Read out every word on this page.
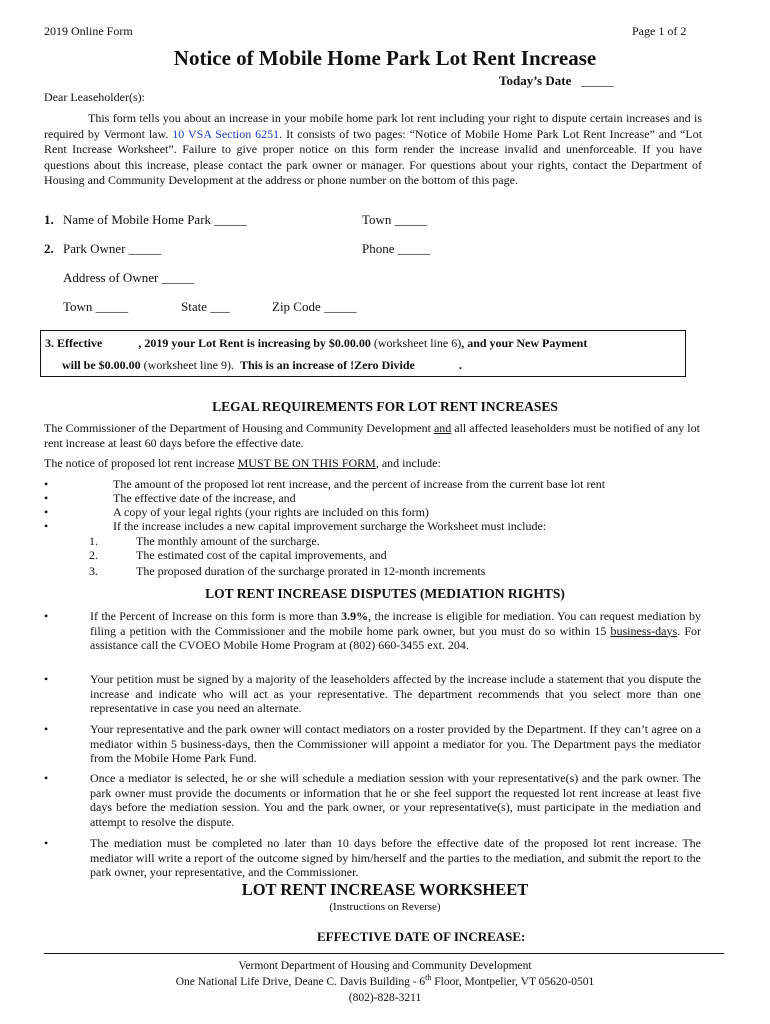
2019 Online Form	Page 1 of 2
Notice of Mobile Home Park Lot Rent Increase
Today’s Date _____
Dear Leaseholder(s):
This form tells you about an increase in your mobile home park lot rent including your right to dispute certain increases and is required by Vermont law. 10 VSA Section 6251. It consists of two pages: “Notice of Mobile Home Park Lot Rent Increase” and “Lot Rent Increase Worksheet”. Failure to give proper notice on this form render the increase invalid and unenforceable. If you have questions about this increase, please contact the park owner or manager. For questions about your rights, contact the Department of Housing and Community Development at the address or phone number on the bottom of this page.
1. Name of Mobile Home Park _____	Town _____
2. Park Owner _____	Phone _____
Address of Owner _____
Town _____	State ___	Zip Code _____
3. Effective	, 2019 your Lot Rent is increasing by $0.00.00 (worksheet line 6), and your New Payment
will be $0.00.00 (worksheet line 9). This is an increase of !Zero Divide	.
LEGAL REQUIREMENTS FOR LOT RENT INCREASES
The Commissioner of the Department of Housing and Community Development and all affected leaseholders must be notified of any lot rent increase at least 60 days before the effective date.
The notice of proposed lot rent increase MUST BE ON THIS FORM, and include:
•	The amount of the proposed lot rent increase, and the percent of increase from the current base lot rent
•	The effective date of the increase, and
•	A copy of your legal rights (your rights are included on this form)
•	If the increase includes a new capital improvement surcharge the Worksheet must include:
1.	The monthly amount of the surcharge.
2.	The estimated cost of the capital improvements, and
3.	The proposed duration of the surcharge prorated in 12-month increments
LOT RENT INCREASE DISPUTES (MEDIATION RIGHTS)
•	If the Percent of Increase on this form is more than 3.9%, the increase is eligible for mediation. You can request mediation by filing a petition with the Commissioner and the mobile home park owner, but you must do so within 15 business-days. For assistance call the CVOEO Mobile Home Program at (802) 660-3455 ext. 204.
•	Your petition must be signed by a majority of the leaseholders affected by the increase include a statement that you dispute the increase and indicate who will act as your representative. The department recommends that you select more than one representative in case you need an alternate.
•	Your representative and the park owner will contact mediators on a roster provided by the Department. If they can’t agree on a mediator within 5 business-days, then the Commissioner will appoint a mediator for you. The Department pays the mediator from the Mobile Home Park Fund.
•	Once a mediator is selected, he or she will schedule a mediation session with your representative(s) and the park owner. The park owner must provide the documents or information that he or she feel support the requested lot rent increase at least five days before the mediation session. You and the park owner, or your representative(s), must participate in the mediation and attempt to resolve the dispute.
•	The mediation must be completed no later than 10 days before the effective date of the proposed lot rent increase. The mediator will write a report of the outcome signed by him/herself and the parties to the mediation, and submit the report to the park owner, your representative, and the Commissioner.
LOT RENT INCREASE WORKSHEET
(Instructions on Reverse)
EFFECTIVE DATE OF INCREASE:
Vermont Department of Housing and Community Development
One National Life Drive, Deane C. Davis Building - 6th Floor, Montpelier, VT 05620-0501
(802)-828-3211
